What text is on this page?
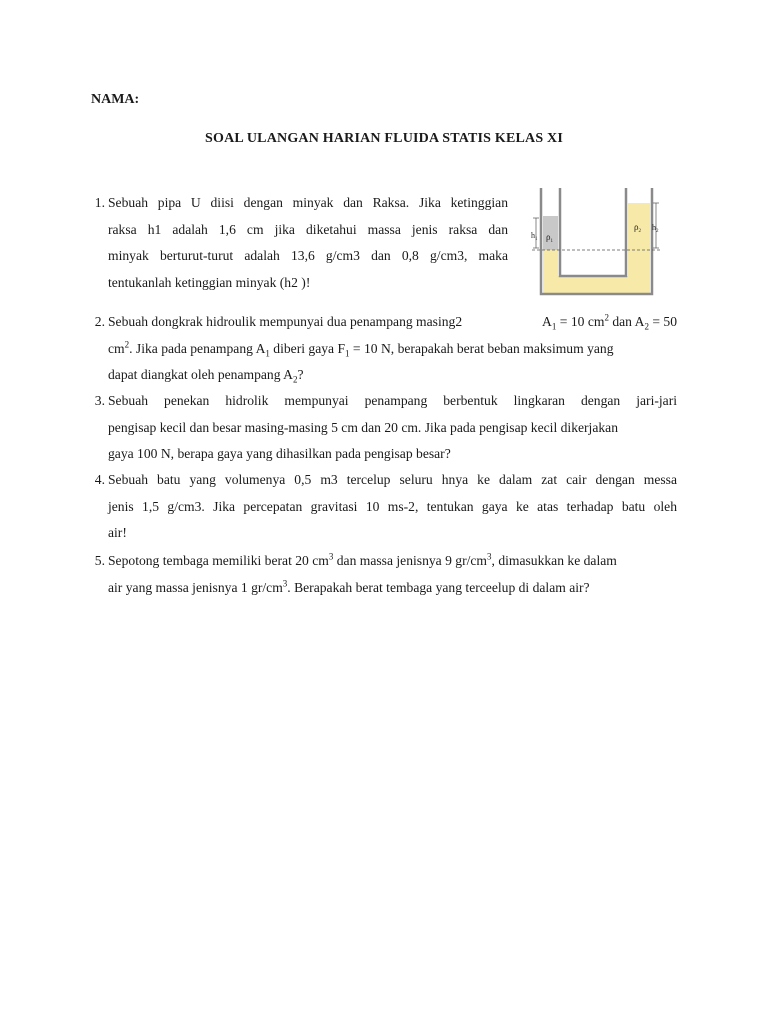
NAMA:
SOAL ULANGAN HARIAN FLUIDA STATIS KELAS XI
1. Sebuah pipa U diisi dengan minyak dan Raksa. Jika ketinggian
raksa h1 adalah 1,6 cm jika diketahui massa jenis raksa dan
minyak berturut-turut adalah 13,6 g/cm3 dan 0,8 g/cm3, maka
tentukanlah ketinggian minyak (h2 )!
$h_1$ $\rho_1$
$\rho_2$ $h_2$
2. Sebuah dongkrak hidroulik mempunyai dua penampang masing2	$A_1 = 10$ $cm^2$ dan $A_2 = 50$
$cm^2$. Jika pada penampang $A_1$ diberi gaya $F_1 = 10$ N, berapakah berat beban maksimum yang
dapat diangkat oleh penampang $A_2$?
3. Sebuah penekan hidrolik mempunyai penampang berbentuk lingkaran dengan jari-jari
pengisap kecil dan besar masing-masing 5 cm dan 20 cm. Jika pada pengisap kecil dikerjakan
gaya 100 N, berapa gaya yang dihasilkan pada pengisap besar?
4. Sebuah batu yang volumenya 0,5 m3 tercelup seluru hnya ke dalam zat cair dengan messa
jenis 1,5 g/cm3. Jika percepatan gravitasi 10 ms-2, tentukan gaya ke atas terhadap batu oleh
air!
5. Sepotong tembaga memiliki berat 20 $cm^3$ dan massa jenisnya 9 $gr/cm^3$, dimasukkan ke dalam
air yang massa jenisnya 1 $gr/cm^3$. Berapakah berat tembaga yang terceelup di dalam air?
